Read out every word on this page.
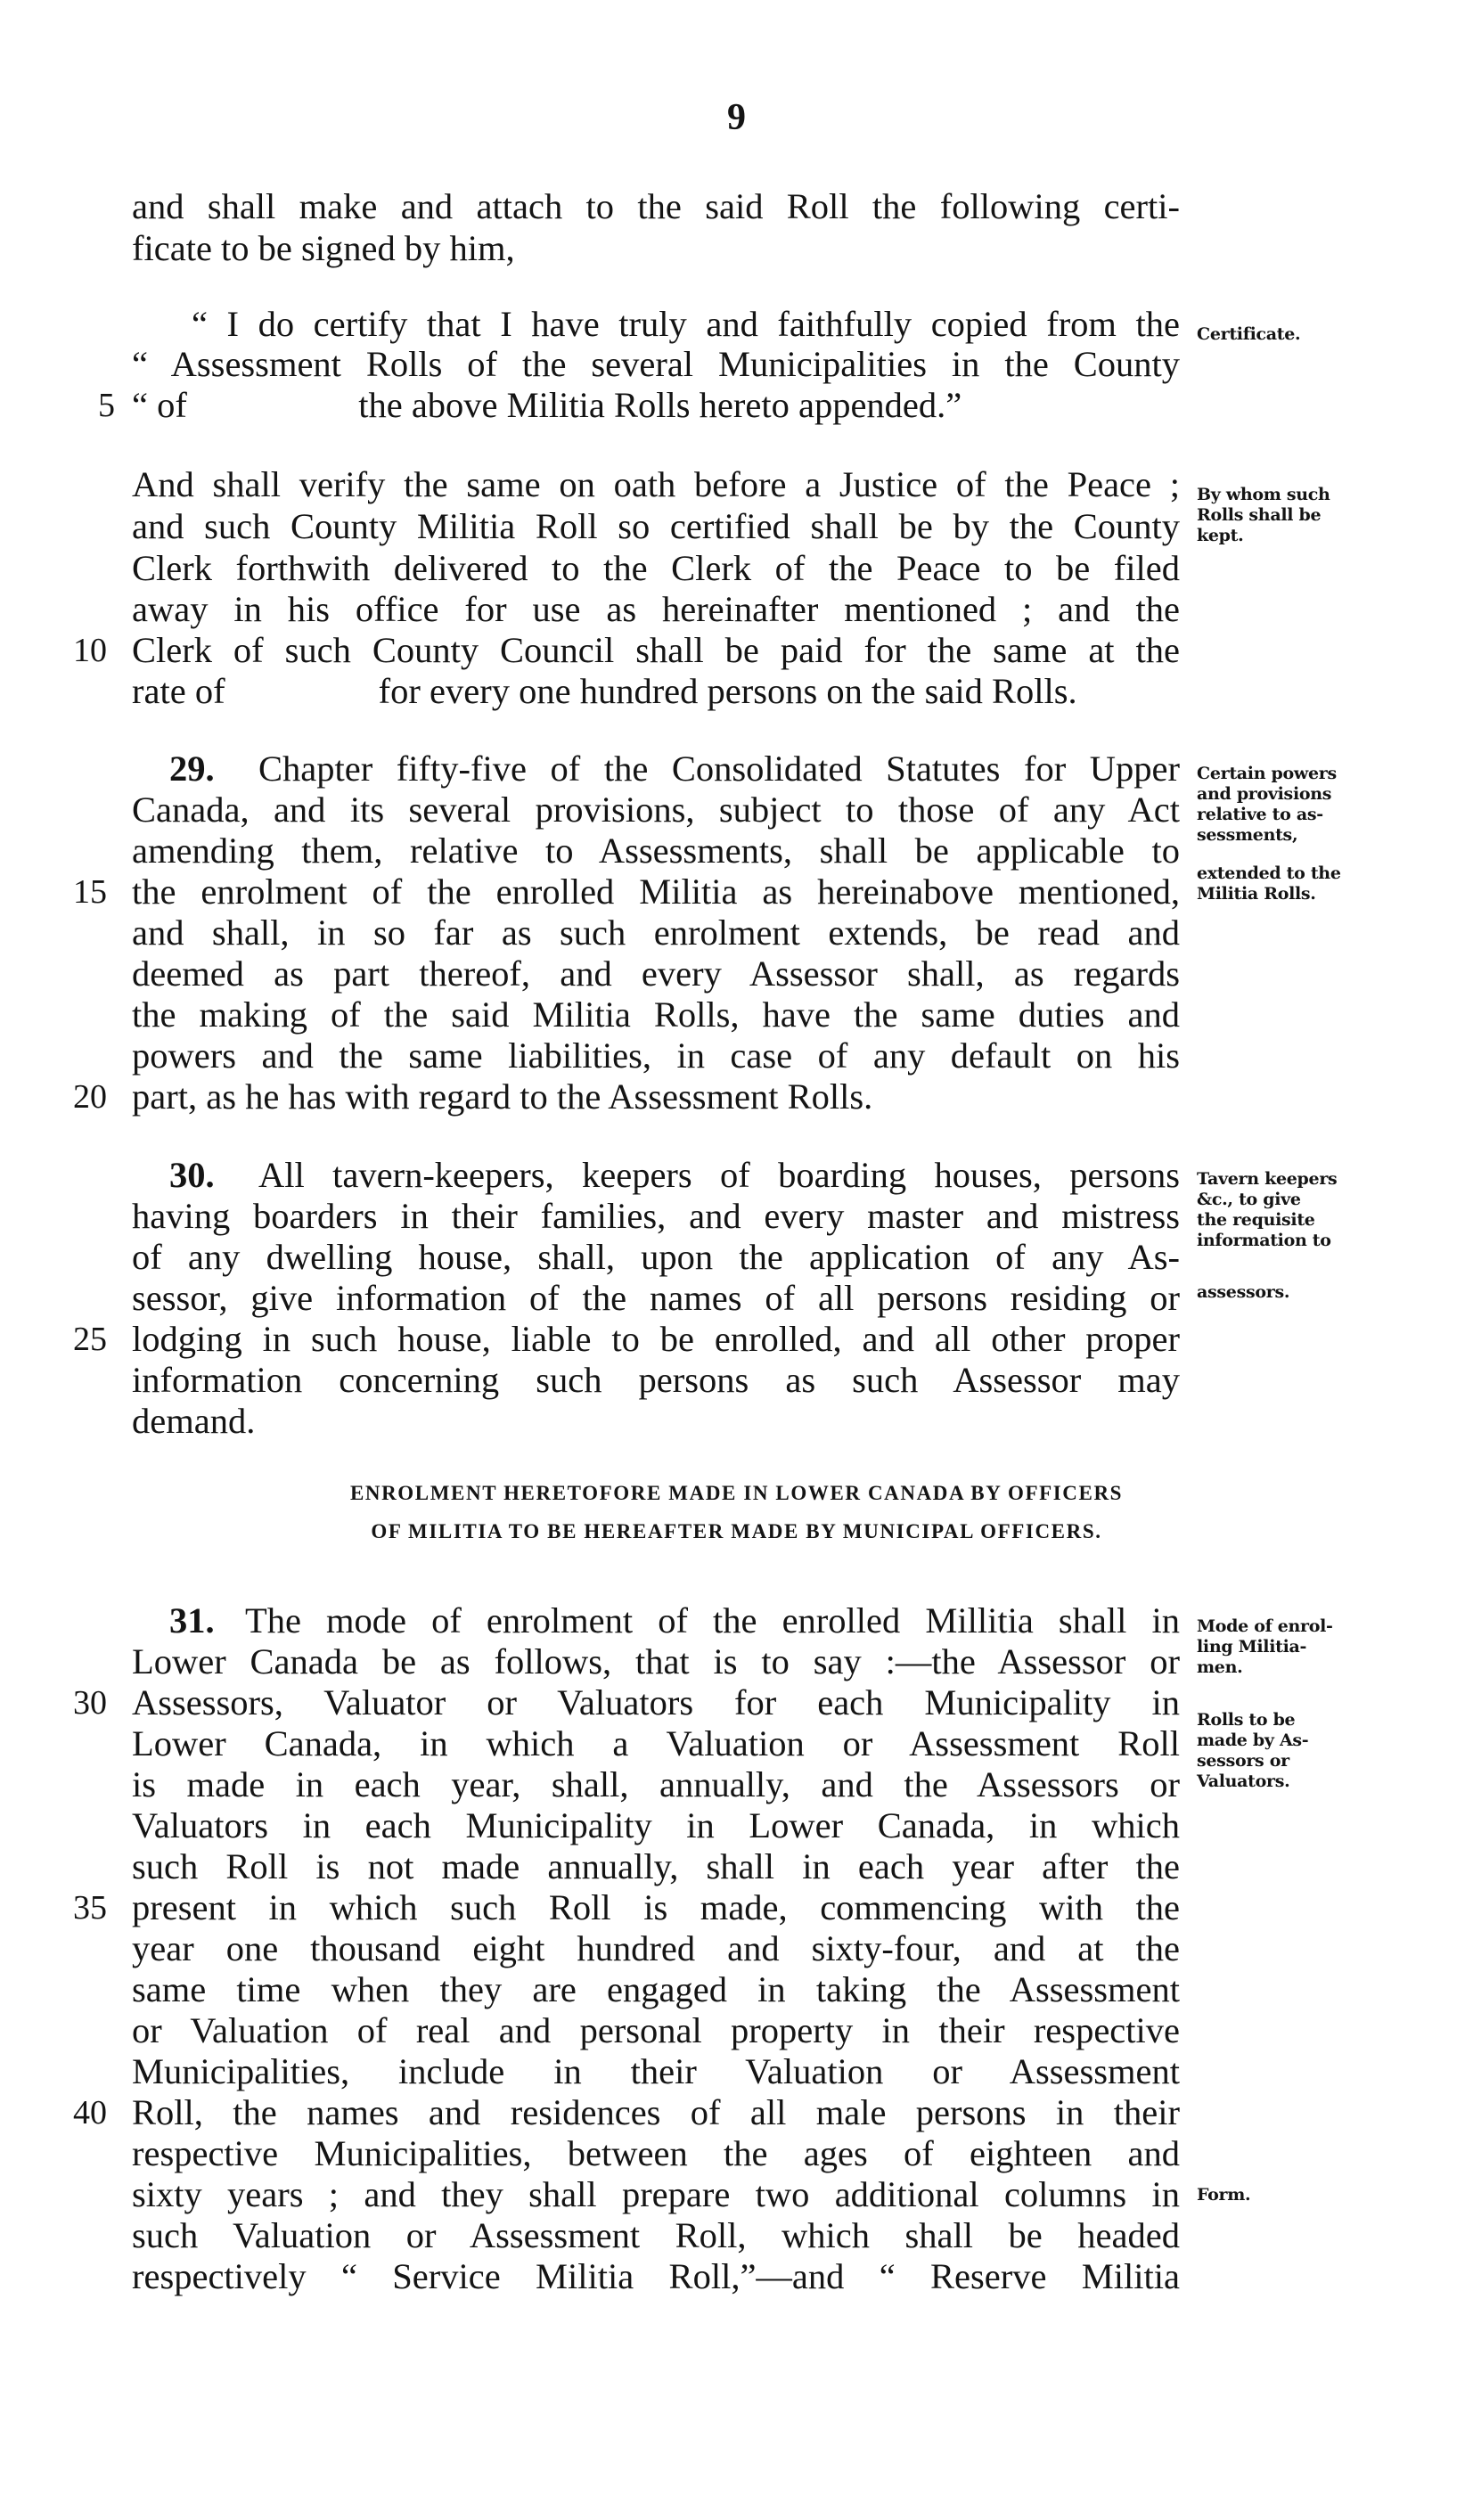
9
and shall make and attach to the said Roll the following certi-
ficate to be signed by him,
“ I do certify that I have truly and faithfully copied from the
“ Assessment Rolls of the several Municipalities in the County
5 “ of                   the above Militia Rolls hereto appended.”
And shall verify the same on oath before a Justice of the Peace ;
and such County Militia Roll so certified shall be by the County
Clerk forthwith delivered to the Clerk of the Peace to be filed
away in his office for use as hereinafter mentioned ; and the
10 Clerk of such County Council shall be paid for the same at the
rate of                 for every one hundred persons on the said Rolls.
29. Chapter fifty-five of the Consolidated Statutes for Upper
Canada, and its several provisions, subject to those of any Act
amending them, relative to Assessments, shall be applicable to
15 the enrolment of the enrolled Militia as hereinabove mentioned,
and shall, in so far as such enrolment extends, be read and
deemed as part thereof, and every Assessor shall, as regards
the making of the said Militia Rolls, have the same duties and
powers and the same liabilities, in case of any default on his
20 part, as he has with regard to the Assessment Rolls.
30. All tavern-keepers, keepers of boarding houses, persons
having boarders in their families, and every master and mistress
of any dwelling house, shall, upon the application of any As-
sessor, give information of the names of all persons residing or
25 lodging in such house, liable to be enrolled, and all other proper
information concerning such persons as such Assessor may
demand.
ENROLMENT HERETOFORE MADE IN LOWER CANADA BY OFFICERS
OF MILITIA TO BE HEREAFTER MADE BY MUNICIPAL OFFICERS.
31. The mode of enrolment of the enrolled Millitia shall in
Lower Canada be as follows, that is to say :—the Assessor or
30 Assessors, Valuator or Valuators for each Municipality in
Lower Canada, in which a Valuation or Assessment Roll
is made in each year, shall, annually, and the Assessors or
Valuators in each Municipality in Lower Canada, in which
such Roll is not made annually, shall in each year after the
35 present in which such Roll is made, commencing with the
year one thousand eight hundred and sixty-four, and at the
same time when they are engaged in taking the Assessment
or Valuation of real and personal property in their respective
Municipalities, include in their Valuation or Assessment
40 Roll, the names and residences of all male persons in their
respective Municipalities, between the ages of eighteen and
sixty years ; and they shall prepare two additional columns in
such Valuation or Assessment Roll, which shall be headed
respectively “ Service Militia Roll,”—and “ Reserve Militia
Certificate.
By whom such
Rolls shall be
kept.
Certain powers
and provisions
relative to as-
sessments,
extended to the
Militia Rolls.
Tavern keepers
&c., to give
the requisite
information to
assessors.
Mode of enrol-
ling Militia-
men.
Rolls to be
made by As-
sessors or
Valuators.
Form.
